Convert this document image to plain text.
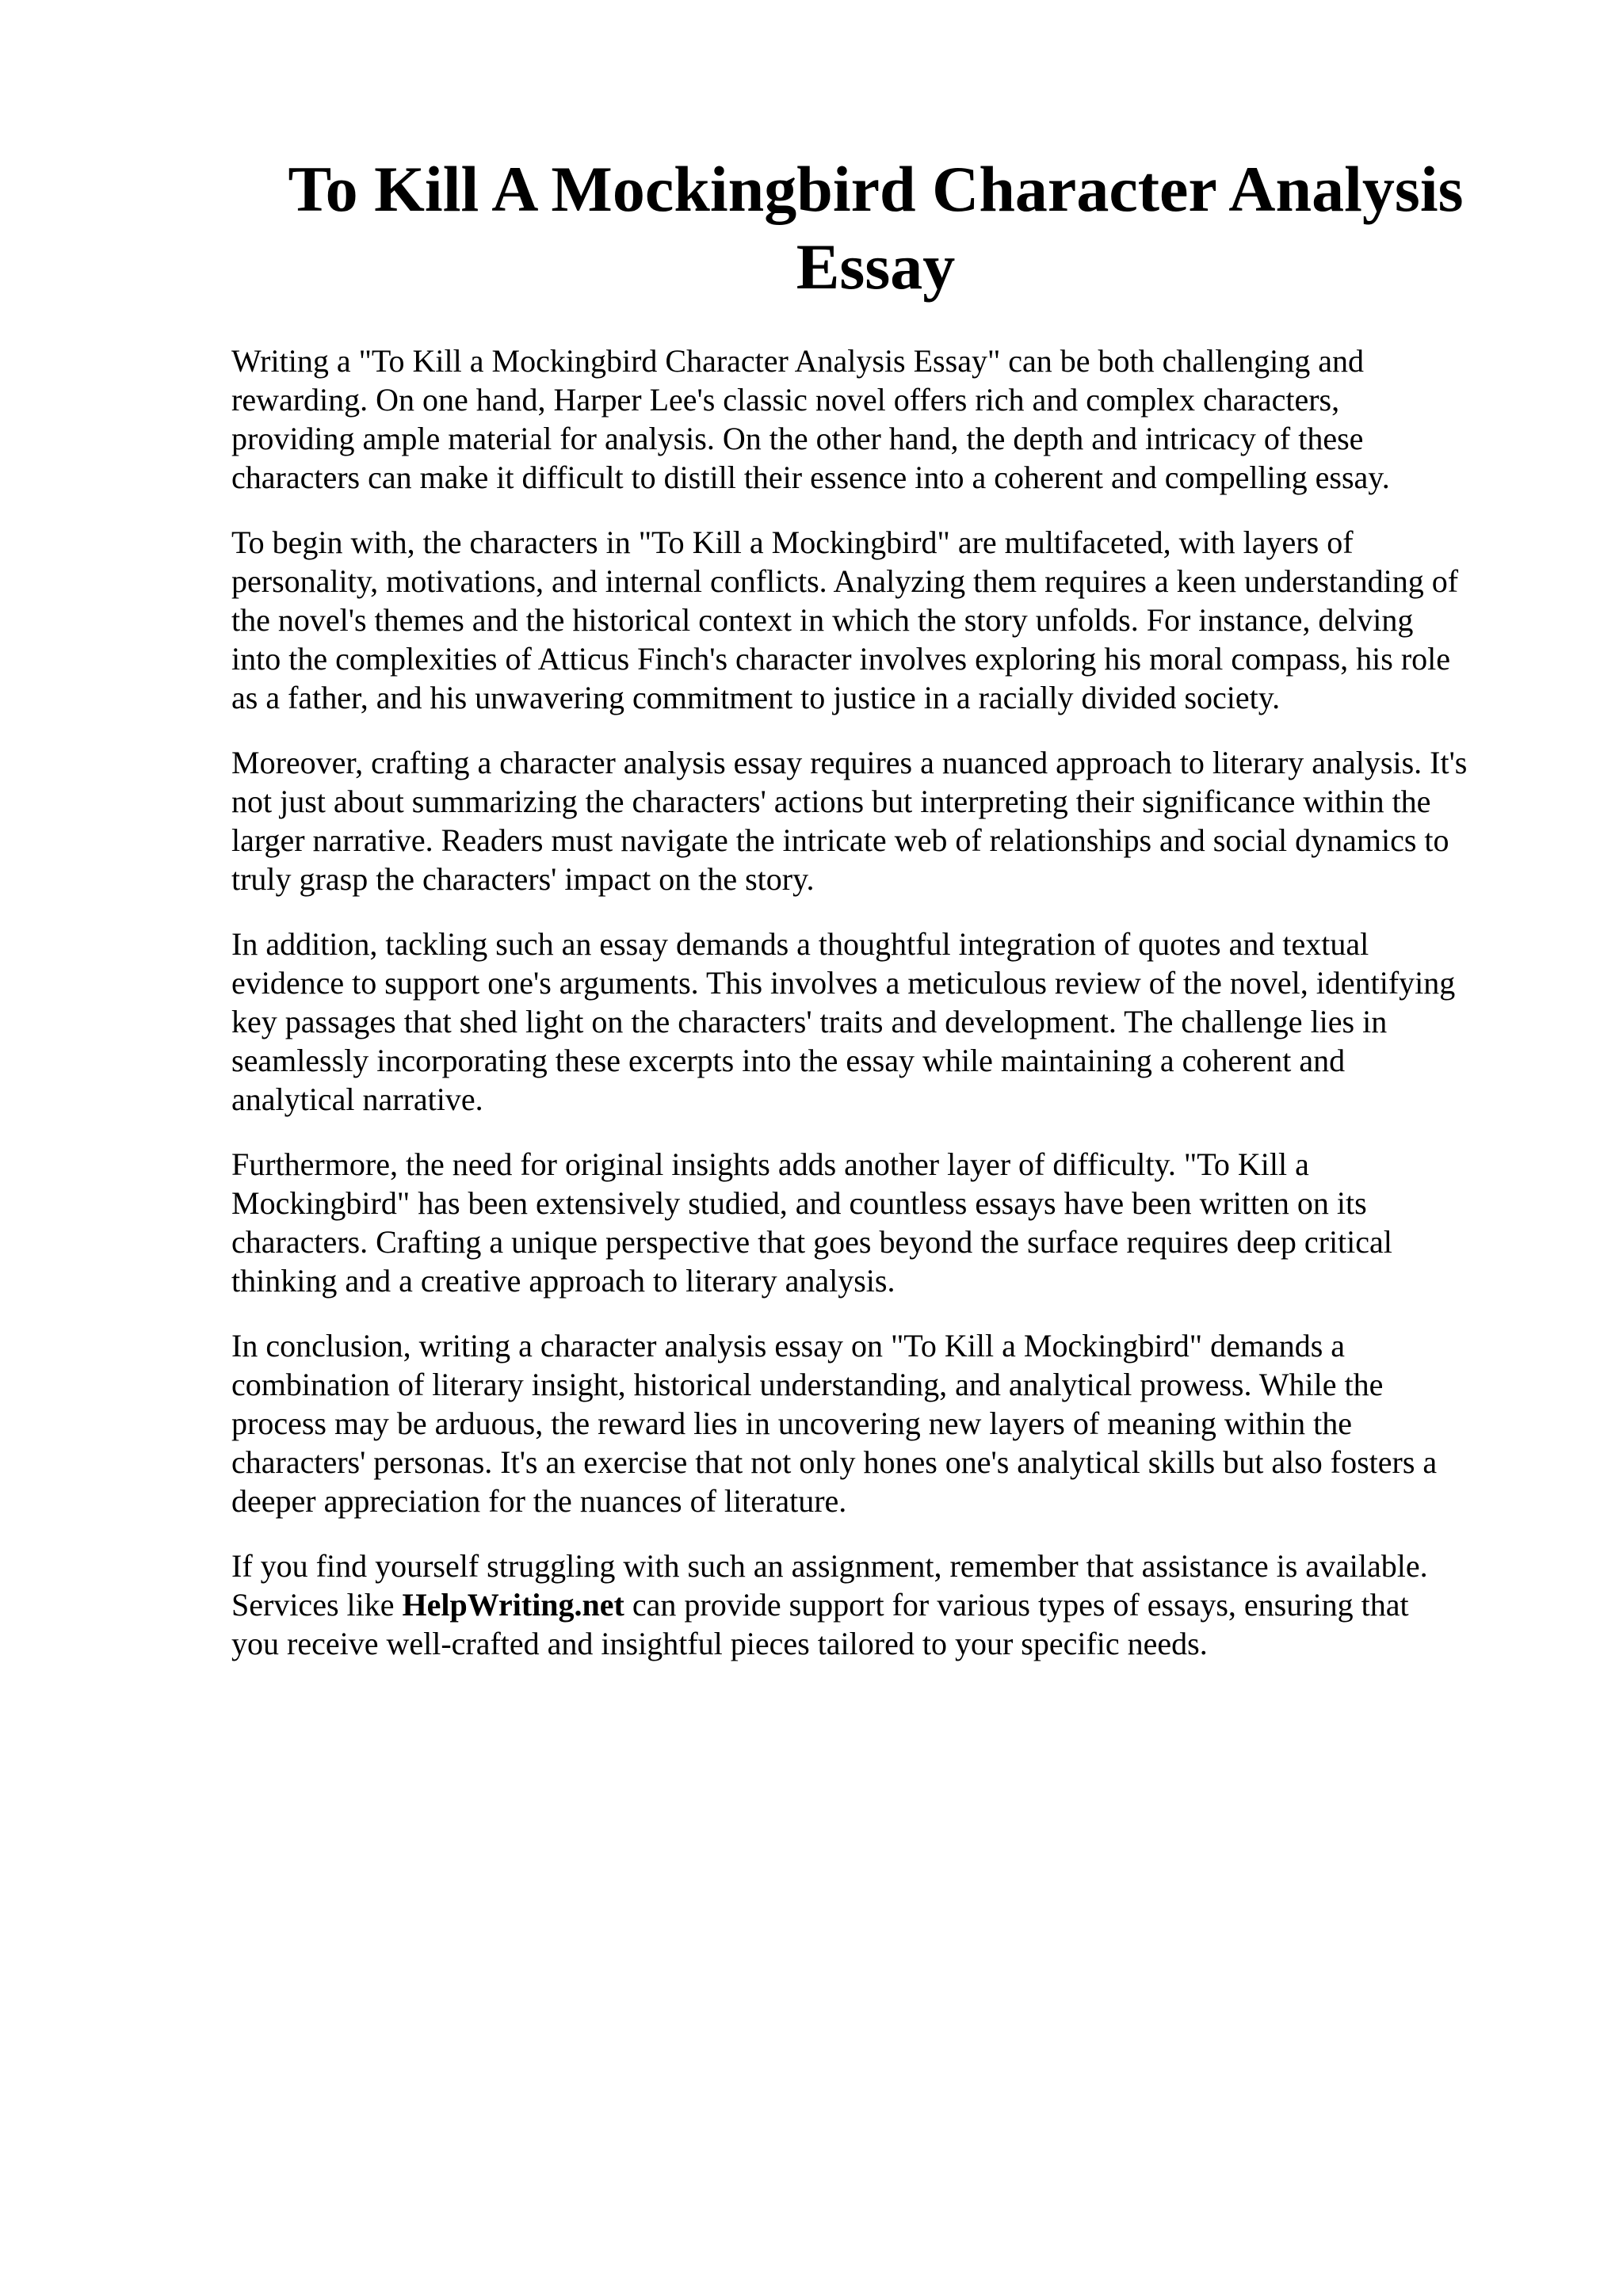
To Kill A Mockingbird Character Analysis Essay

Writing a "To Kill a Mockingbird Character Analysis Essay" can be both challenging and
rewarding. On one hand, Harper Lee's classic novel offers rich and complex characters,
providing ample material for analysis. On the other hand, the depth and intricacy of these
characters can make it difficult to distill their essence into a coherent and compelling essay.

To begin with, the characters in "To Kill a Mockingbird" are multifaceted, with layers of
personality, motivations, and internal conflicts. Analyzing them requires a keen understanding of
the novel's themes and the historical context in which the story unfolds. For instance, delving
into the complexities of Atticus Finch's character involves exploring his moral compass, his role
as a father, and his unwavering commitment to justice in a racially divided society.

Moreover, crafting a character analysis essay requires a nuanced approach to literary analysis. It's
not just about summarizing the characters' actions but interpreting their significance within the
larger narrative. Readers must navigate the intricate web of relationships and social dynamics to
truly grasp the characters' impact on the story.

In addition, tackling such an essay demands a thoughtful integration of quotes and textual
evidence to support one's arguments. This involves a meticulous review of the novel, identifying
key passages that shed light on the characters' traits and development. The challenge lies in
seamlessly incorporating these excerpts into the essay while maintaining a coherent and
analytical narrative.

Furthermore, the need for original insights adds another layer of difficulty. "To Kill a
Mockingbird" has been extensively studied, and countless essays have been written on its
characters. Crafting a unique perspective that goes beyond the surface requires deep critical
thinking and a creative approach to literary analysis.

In conclusion, writing a character analysis essay on "To Kill a Mockingbird" demands a
combination of literary insight, historical understanding, and analytical prowess. While the
process may be arduous, the reward lies in uncovering new layers of meaning within the
characters' personas. It's an exercise that not only hones one's analytical skills but also fosters a
deeper appreciation for the nuances of literature.

If you find yourself struggling with such an assignment, remember that assistance is available.
Services like HelpWriting.net can provide support for various types of essays, ensuring that
you receive well-crafted and insightful pieces tailored to your specific needs.
